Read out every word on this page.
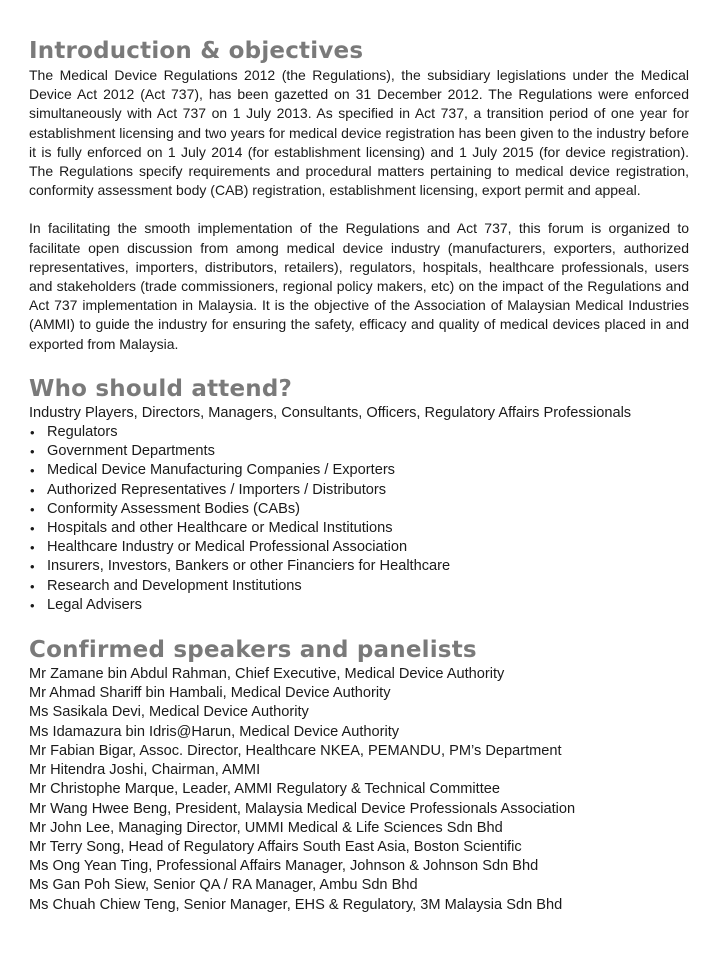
Introduction & objectives

The Medical Device Regulations 2012 (the Regulations), the subsidiary legislations under the Medical Device Act 2012 (Act 737), has been gazetted on 31 December 2012. The Regulations were enforced simultaneously with Act 737 on 1 July 2013. As specified in Act 737, a transition period of one year for establishment licensing and two years for medical device registration has been given to the industry before it is fully enforced on 1 July 2014 (for establishment licensing) and 1 July 2015 (for device registration). The Regulations specify requirements and procedural matters pertaining to medical device registration, conformity assessment body (CAB) registration, establishment licensing, export permit and appeal.

In facilitating the smooth implementation of the Regulations and Act 737, this forum is organized to facilitate open discussion from among medical device industry (manufacturers, exporters, authorized representatives, importers, distributors, retailers), regulators, hospitals, healthcare professionals, users and stakeholders (trade commissioners, regional policy makers, etc) on the impact of the Regulations and Act 737 implementation in Malaysia. It is the objective of the Association of Malaysian Medical Industries (AMMI) to guide the industry for ensuring the safety, efficacy and quality of medical devices placed in and exported from Malaysia.

Who should attend?

Industry Players, Directors, Managers, Consultants, Officers, Regulatory Affairs Professionals

• Regulators
• Government Departments
• Medical Device Manufacturing Companies / Exporters
• Authorized Representatives / Importers / Distributors
• Conformity Assessment Bodies (CABs)
• Hospitals and other Healthcare or Medical Institutions
• Healthcare Industry or Medical Professional Association
• Insurers, Investors, Bankers or other Financiers for Healthcare
• Research and Development Institutions
• Legal Advisers
Confirmed speakers and panelists
Mr Zamane bin Abdul Rahman, Chief Executive, Medical Device Authority
Mr Ahmad Shariff bin Hambali, Medical Device Authority
Ms Sasikala Devi, Medical Device Authority
Ms Idamazura bin Idris@Harun, Medical Device Authority
Mr Fabian Bigar, Assoc. Director, Healthcare NKEA, PEMANDU, PM’s Department
Mr Hitendra Joshi, Chairman, AMMI
Mr Christophe Marque, Leader, AMMI Regulatory & Technical Committee
Mr Wang Hwee Beng, President, Malaysia Medical Device Professionals Association
Mr John Lee, Managing Director, UMMI Medical & Life Sciences Sdn Bhd
Mr Terry Song, Head of Regulatory Affairs South East Asia, Boston Scientific
Ms Ong Yean Ting, Professional Affairs Manager, Johnson & Johnson Sdn Bhd
Ms Gan Poh Siew, Senior QA / RA Manager, Ambu Sdn Bhd
Ms Chuah Chiew Teng, Senior Manager, EHS & Regulatory, 3M Malaysia Sdn Bhd
